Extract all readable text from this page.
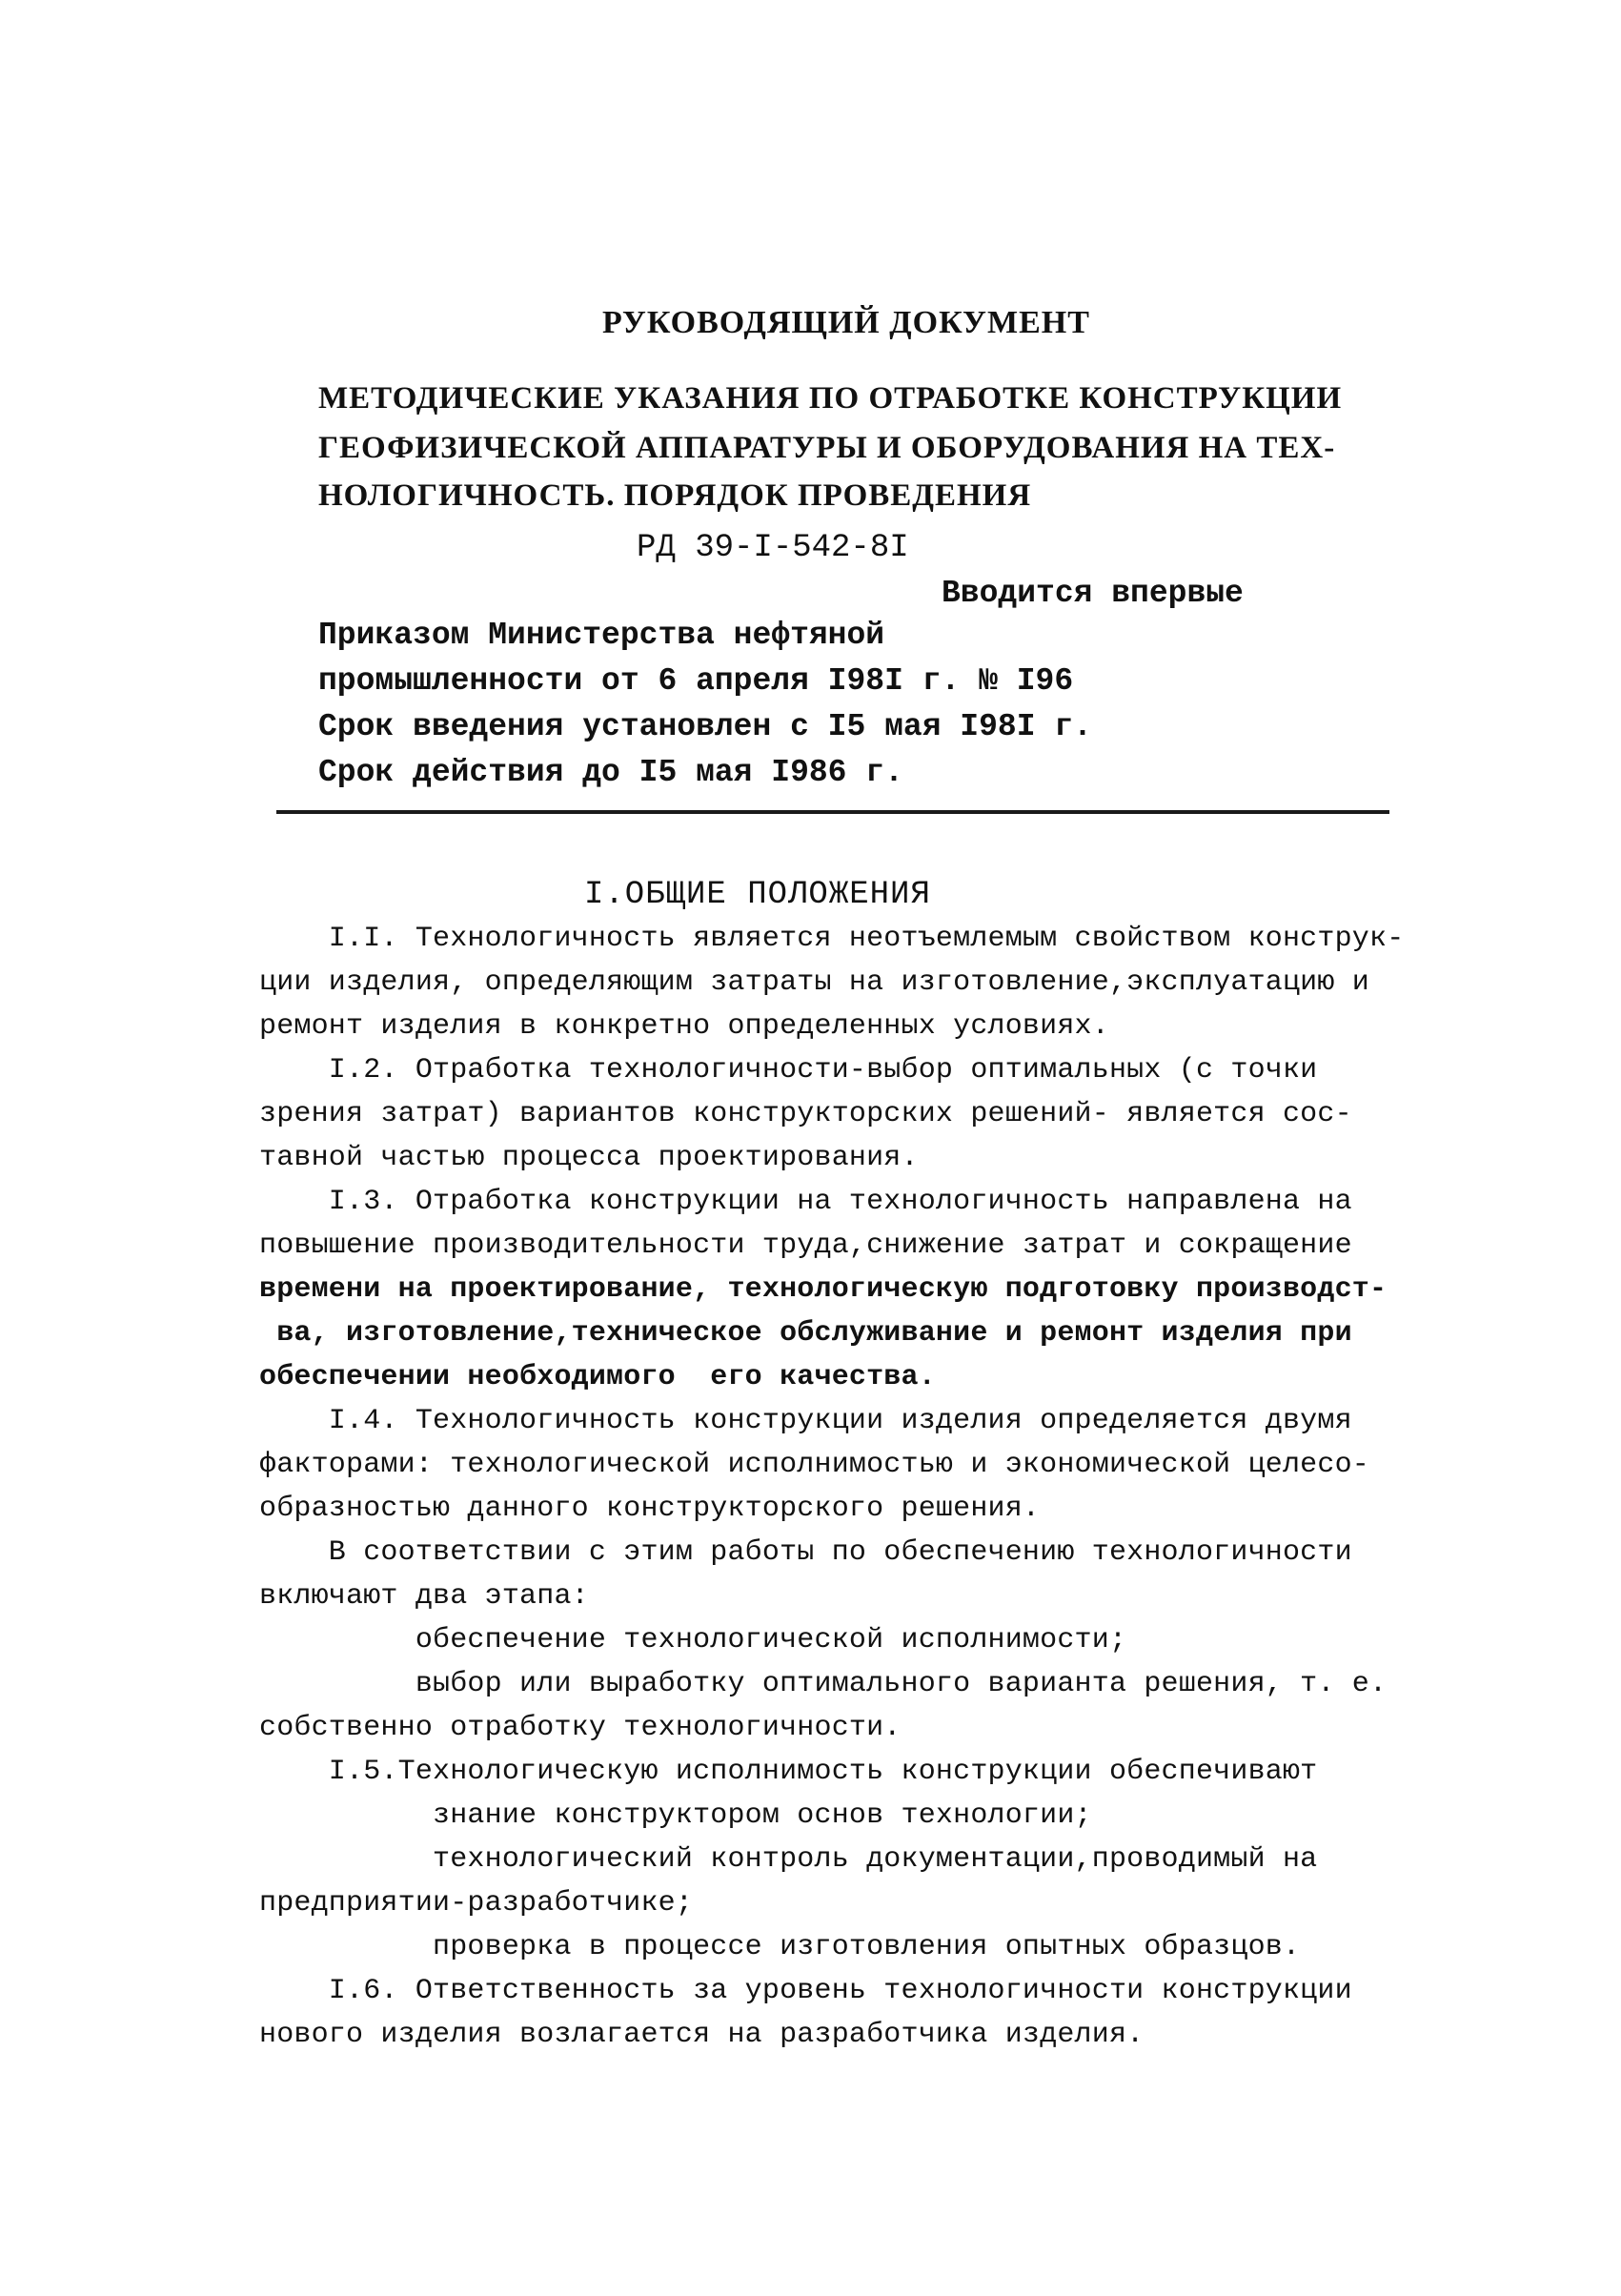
РУКОВОДЯЩИЙ ДОКУМЕНТ
МЕТОДИЧЕСКИЕ УКАЗАНИЯ ПО ОТРАБОТКЕ КОНСТРУКЦИИ
ГЕОФИЗИЧЕСКОЙ АППАРАТУРЫ И ОБОРУДОВАНИЯ НА ТЕХ-
НОЛОГИЧНОСТЬ. ПОРЯДОК ПРОВЕДЕНИЯ
РД 39-I-542-8I
Вводится впервые
Приказом Министерства нефтяной
промышленности от 6 апреля I98I г. № I96
Срок введения установлен с I5 мая I98I г.
Срок действия до I5 мая I986 г.
I.ОБЩИЕ ПОЛОЖЕНИЯ
I.I. Технологичность является неотъемлемым свойством конструк-
ции изделия, определяющим затраты на изготовление,эксплуатацию и
ремонт изделия в конкретно определенных условиях.
I.2. Отработка технологичности-выбор оптимальных (с точки
зрения затрат) вариантов конструкторских решений- является сос-
тавной частью процесса проектирования.
I.3. Отработка конструкции на технологичность направлена на
повышение производительности труда,снижение затрат и сокращение
времени на проектирование, технологическую подготовку производст-
ва, изготовление,техническое обслуживание и ремонт изделия при
обеспечении необходимого  его качества.
I.4. Технологичность конструкции изделия определяется двумя
факторами: технологической исполнимостью и экономической целесо-
образностью данного конструкторского решения.
В соответствии с этим работы по обеспечению технологичности
включают два этапа:
обеспечение технологической исполнимости;
выбор или выработку оптимального варианта решения, т. е.
собственно отработку технологичности.
I.5.Технологическую исполнимость конструкции обеспечивают
знание конструктором основ технологии;
технологический контроль документации,проводимый на
предприятии-разработчике;
проверка в процессе изготовления опытных образцов.
I.6. Ответственность за уровень технологичности конструкции
нового изделия возлагается на разработчика изделия.
